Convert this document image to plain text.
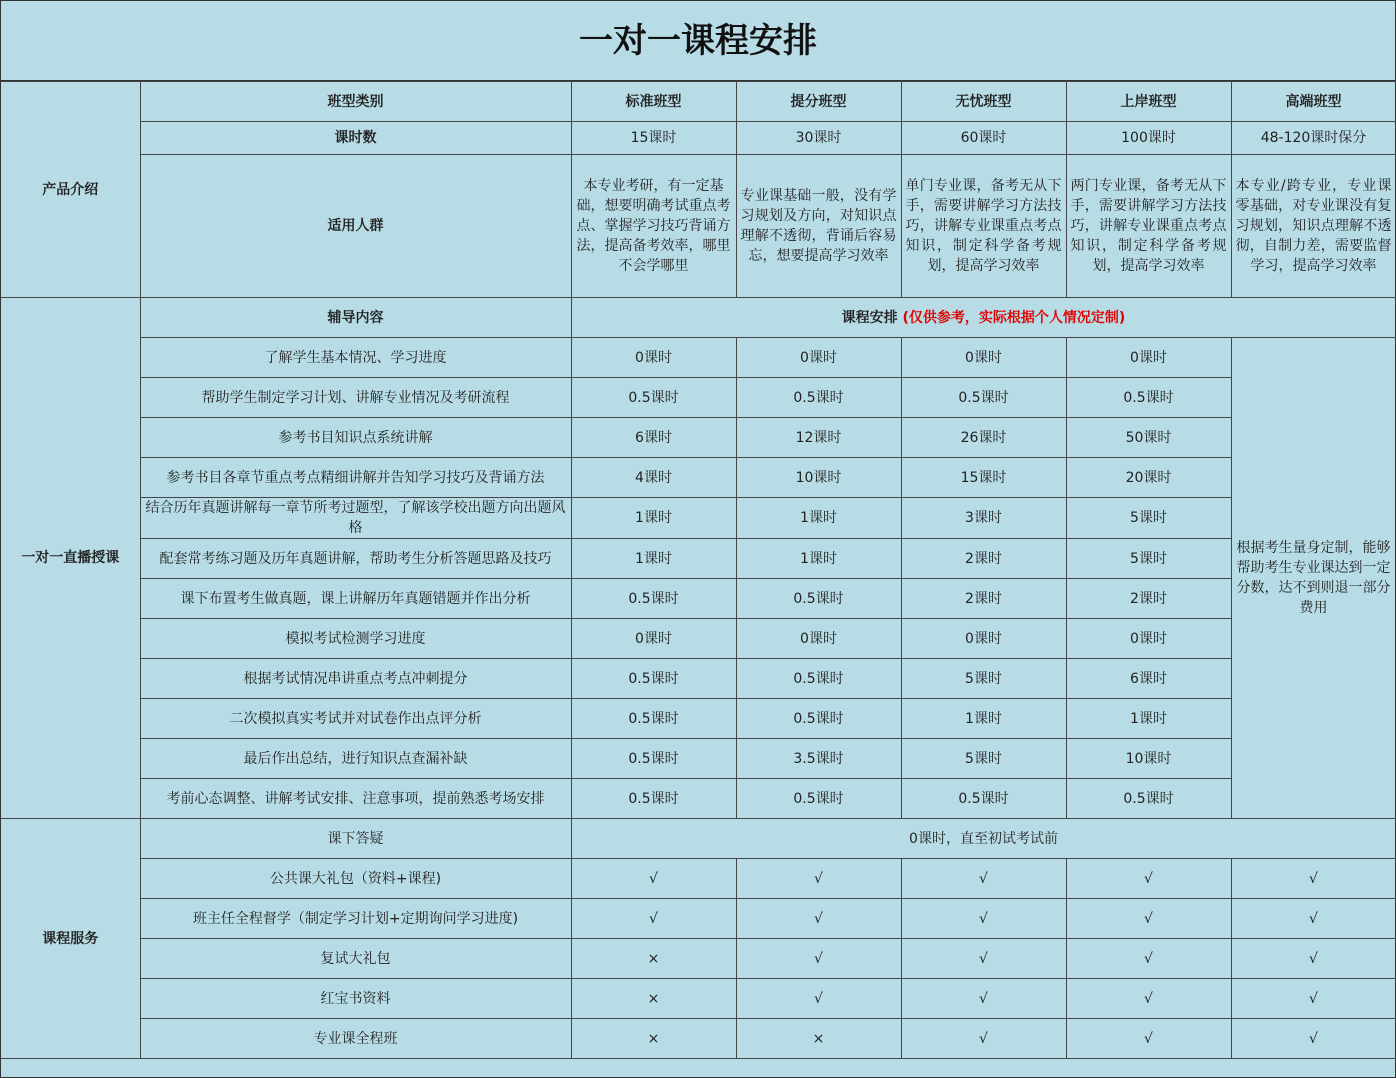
一对一课程安排
产品介绍	班型类别	标准班型	提分班型	无忧班型	上岸班型	高端班型
	课时数	15课时	30课时	60课时	100课时	48-120课时保分
	适用人群	本专业考研，有一定基础，想要明确考试重点考点、掌握学习技巧背诵方法，提高备考效率，哪里不会学哪里	专业课基础一般，没有学习规划及方向，对知识点理解不透彻，背诵后容易忘，想要提高学习效率	单门专业课，备考无从下手，需要讲解学习方法技巧，讲解专业课重点考点知识，制定科学备考规划，提高学习效率	两门专业课，备考无从下手，需要讲解学习方法技巧，讲解专业课重点考点知识，制定科学备考规划，提高学习效率	本专业/跨专业，专业课零基础，对专业课没有复习规划，知识点理解不透彻，自制力差，需要监督学习，提高学习效率
一对一直播授课	辅导内容	课程安排 (仅供参考，实际根据个人情况定制)				
	了解学生基本情况、学习进度	0课时	0课时	0课时	0课时	根据考生量身定制，能够帮助考生专业课达到一定分数，达不到则退一部分费用
	帮助学生制定学习计划、讲解专业情况及考研流程	0.5课时	0.5课时	0.5课时	0.5课时	
	参考书目知识点系统讲解	6课时	12课时	26课时	50课时	
	参考书目各章节重点考点精细讲解并告知学习技巧及背诵方法	4课时	10课时	15课时	20课时	
	结合历年真题讲解每一章节所考过题型，了解该学校出题方向出题风格	1课时	1课时	3课时	5课时	
	配套常考练习题及历年真题讲解，帮助考生分析答题思路及技巧	1课时	1课时	2课时	5课时	
	课下布置考生做真题，课上讲解历年真题错题并作出分析	0.5课时	0.5课时	2课时	2课时	
	模拟考试检测学习进度	0课时	0课时	0课时	0课时	
	根据考试情况串讲重点考点冲刺提分	0.5课时	0.5课时	5课时	6课时	
	二次模拟真实考试并对试卷作出点评分析	0.5课时	0.5课时	1课时	1课时	
	最后作出总结，进行知识点查漏补缺	0.5课时	3.5课时	5课时	10课时	
	考前心态调整、讲解考试安排、注意事项，提前熟悉考场安排	0.5课时	0.5课时	0.5课时	0.5课时	
课程服务	课下答疑	0课时，直至初试考试前				
	公共课大礼包（资料+课程)	√	√	√	√	√
	班主任全程督学（制定学习计划+定期询问学习进度)	√	√	√	√	√
	复试大礼包	×	√	√	√	√
	红宝书资料	×	√	√	√	√
	专业课全程班	×	×	√	√	√
